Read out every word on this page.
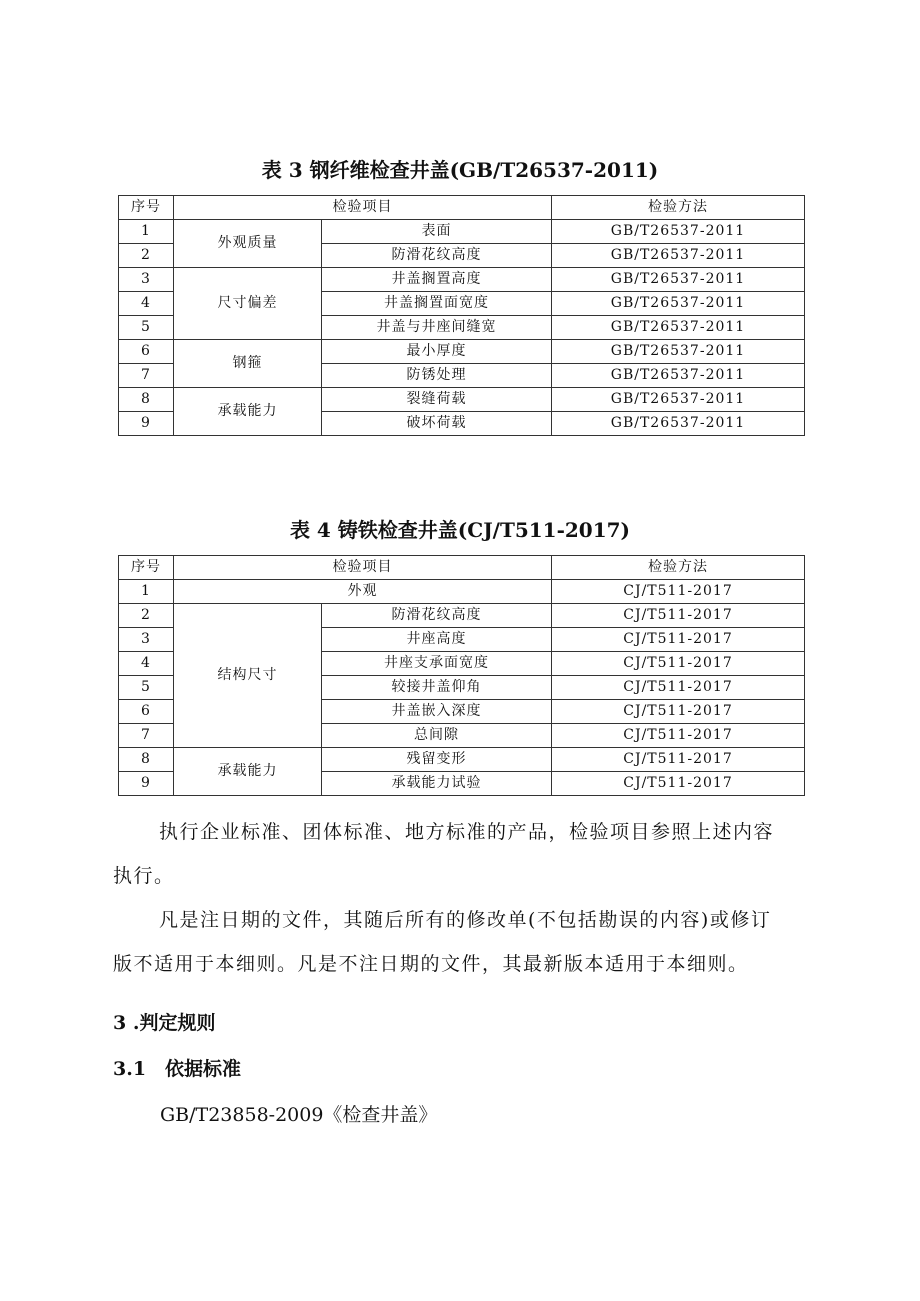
表 3 钢纤维检查井盖(GB/T26537-2011)
序号	检验项目		检验方法
1	外观质量	表面	GB/T26537-2011
2		防滑花纹高度	GB/T26537-2011
3	尺寸偏差	井盖搁置高度	GB/T26537-2011
4		井盖搁置面宽度	GB/T26537-2011
5		井盖与井座间缝宽	GB/T26537-2011
6	钢箍	最小厚度	GB/T26537-2011
7		防锈处理	GB/T26537-2011
8	承载能力	裂缝荷载	GB/T26537-2011
9		破坏荷载	GB/T26537-2011
表 4 铸铁检查井盖(CJ/T511-2017)
序号	检验项目		检验方法
1	外观		CJ/T511-2017
2	结构尺寸	防滑花纹高度	CJ/T511-2017
3		井座高度	CJ/T511-2017
4		井座支承面宽度	CJ/T511-2017
5		较接井盖仰角	CJ/T511-2017
6		井盖嵌入深度	CJ/T511-2017
7		总间隙	CJ/T511-2017
8	承载能力	残留变形	CJ/T511-2017
9		承载能力试验	CJ/T511-2017
执行企业标准、团体标准、地方标准的产品，检验项目参照上述内容
执行。
凡是注日期的文件，其随后所有的修改单(不包括勘误的内容)或修订
版不适用于本细则。凡是不注日期的文件，其最新版本适用于本细则。
3 .判定规则
3.1　依据标准
GB/T23858-2009《检查井盖》
